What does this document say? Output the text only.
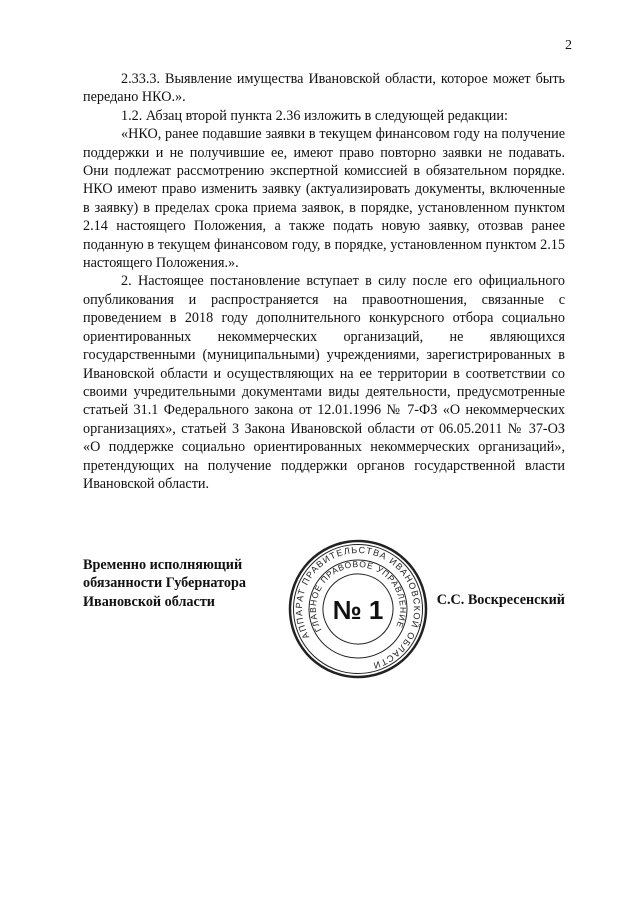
2

2.33.3. Выявление имущества Ивановской области, которое может быть передано НКО.».

1.2. Абзац второй пункта 2.36 изложить в следующей редакции:

«НКО, ранее подавшие заявки в текущем финансовом году на получение поддержки и не получившие ее, имеют право повторно заявки не подавать. Они подлежат рассмотрению экспертной комиссией в обязательном порядке. НКО имеют право изменить заявку (актуализировать документы, включенные в заявку) в пределах срока приема заявок, в порядке, установленном пунктом 2.14 настоящего Положения, а также подать новую заявку, отозвав ранее поданную в текущем финансовом году, в порядке, установленном пунктом 2.15 настоящего Положения.».

2. Настоящее постановление вступает в силу после его официального опубликования и распространяется на правоотношения, связанные с проведением в 2018 году дополнительного конкурсного отбора социально ориентированных некоммерческих организаций, не являющихся государственными (муниципальными) учреждениями, зарегистрированных в Ивановской области и осуществляющих на ее территории в соответствии со своими учредительными документами виды деятельности, предусмотренные статьей 31.1 Федерального закона от 12.01.1996 № 7-ФЗ «О некоммерческих организациях», статьей 3 Закона Ивановской области от 06.05.2011 № 37-ОЗ «О поддержке социально ориентированных некоммерческих организаций», претендующих на получение поддержки органов государственной власти Ивановской области.

Временно исполняющий
обязанности Губернатора
Ивановской области
АППАРАТ ПРАВИТЕЛЬСТВА ИВАНОВСКОЙ ОБЛАСТИ
ГЛАВНОЕ ПРАВОВОЕ УПРАВЛЕНИЕ
№ 1	С.С. Воскресенский
